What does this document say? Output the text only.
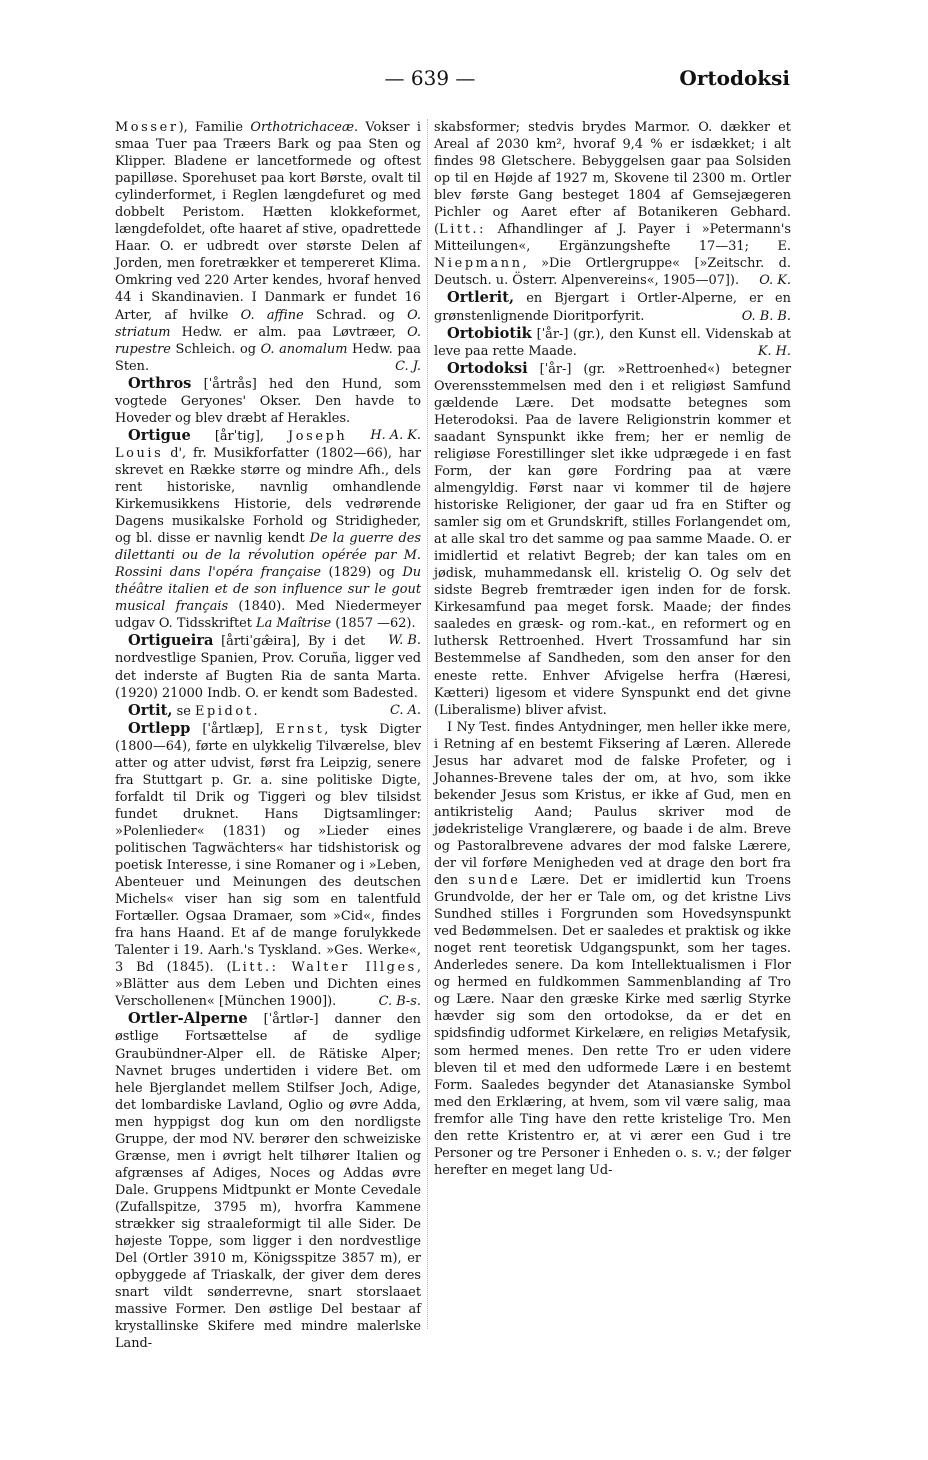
— 639 —	Ortodoksi

Mosser), Familie Orthotrichaceæ. Vokser i smaa Tuer paa Træers Bark og paa Sten og Klipper. Bladene er lancetformede og oftest papilløse. Sporehuset paa kort Børste, ovalt til cylinderformet, i Reglen længdefuret og med dobbelt Peristom. Hætten klokkeformet, længdefoldet, ofte haaret af stive, opadrettede Haar. O. er udbredt over største Delen af Jorden, men foretrækker et tempereret Klima. Omkring ved 220 Arter kendes, hvoraf henved 44 i Skandinavien. I Danmark er fundet 16 Arter, af hvilke O. affine Schrad. og O. striatum Hedw. er alm. paa Løvtræer, O. rupestre Schleich. og O. anomalum Hedw. paa Sten.	C. J.

Orthros [ˈårtrås] hed den Hund, som vogtede Geryones' Okser. Den havde to Hoveder og blev dræbt af Herakles.
H. A. K.

Ortigue [årˈtig], Joseph Louis d', fr. Musikforfatter (1802—66), har skrevet en Række større og mindre Afh., dels rent historiske, navnlig omhandlende Kirkemusikkens Historie, dels vedrørende Dagens musikalske Forhold og Stridigheder, og bl. disse er navnlig kendt De la guerre des dilettanti ou de la révolution opérée par M. Rossini dans l'opéra française (1829) og Du théâtre italien et de son influence sur le gout musical français (1840). Med Niedermeyer udgav O. Tidsskriftet La Maîtrise (1857 —62).
W. B.

Ortigueira [årtiˈgæ̂ira], By i det nordvestlige Spanien, Prov. Coruña, ligger ved det inderste af Bugten Ria de santa Marta. (1920) 21000 Indb. O. er kendt som Badested.
C. A.

Ortit, se Epidot.

Ortlepp [ˈårtlæp], Ernst, tysk Digter (1800—64), førte en ulykkelig Tilværelse, blev atter og atter udvist, først fra Leipzig, senere fra Stuttgart p. Gr. a. sine politiske Digte, forfaldt til Drik og Tiggeri og blev tilsidst fundet druknet. Hans Digtsamlinger: »Polenlieder« (1831) og »Lieder eines politischen Tagwächters« har tidshistorisk og poetisk Interesse, i sine Romaner og i »Leben, Abenteuer und Meinungen des deutschen Michels« viser han sig som en talentfuld Fortæller. Ogsaa Dramaer, som »Cid«, findes fra hans Haand. Et af de mange forulykkede Talenter i 19. Aarh.'s Tyskland. »Ges. Werke«, 3 Bd (1845). (Litt.: Walter Illges, »Blätter aus dem Leben und Dichten eines Verschollenen« [München 1900]).	C. B-s.

Ortler-Alperne [ˈårtlər-] danner den østlige Fortsættelse af de sydlige Graubündner-Alper ell. de Rätiske Alper; Navnet bruges undertiden i videre Bet. om hele Bjerglandet mellem Stilfser Joch, Adige, det lombardiske Lavland, Oglio og øvre Adda, men hyppigst dog kun om den nordligste Gruppe, der mod NV. berører den schweiziske Grænse, men i øvrigt helt tilhører Italien og afgrænses af Adiges, Noces og Addas øvre Dale. Gruppens Midtpunkt er Monte Cevedale (Zufallspitze, 3795 m), hvorfra Kammene strækker sig straaleformigt til alle Sider. De højeste Toppe, som ligger i den nordvestlige Del (Ortler 3910 m, Königsspitze 3857 m), er opbyggede af Triaskalk, der giver dem deres snart vildt sønderrevne, snart storslaaet massive Former. Den østlige Del bestaar af krystallinske Skifere med mindre malerlske Land-

skabsformer; stedvis brydes Marmor. O. dækker et Areal af 2030 km², hvoraf 9,4 % er isdækket; i alt findes 98 Gletschere. Bebyggelsen gaar paa Solsiden op til en Højde af 1927 m, Skovene til 2300 m. Ortler blev første Gang besteget 1804 af Gemsejægeren Pichler og Aaret efter af Botanikeren Gebhard. (Litt.: Afhandlinger af J. Payer i »Petermann's Mitteilungen«, Ergänzungshefte 17—31; E. Niepmann, »Die Ortlergruppe« [»Zeitschr. d. Deutsch. u. Österr. Alpenvereins«, 1905—07]).	O. K.

Ortlerit, en Bjergart i Ortler-Alperne, er en grønstenlignende Dioritporfyrit.	O. B. B.

Ortobiotik [ˈår-] (gr.), den Kunst ell. Videnskab at leve paa rette Maade.	K. H.

Ortodoksi [ˈår-] (gr. »Rettroenhed«) betegner Overensstemmelsen med den i et religiøst Samfund gældende Lære. Det modsatte betegnes som Heterodoksi. Paa de lavere Religionstrin kommer et saadant Synspunkt ikke frem; her er nemlig de religiøse Forestillinger slet ikke udprægede i en fast Form, der kan gøre Fordring paa at være almengyldig. Først naar vi kommer til de højere historiske Religioner, der gaar ud fra en Stifter og samler sig om et Grundskrift, stilles Forlangendet om, at alle skal tro det samme og paa samme Maade. O. er imidlertid et relativt Begreb; der kan tales om en jødisk, muhammedansk ell. kristelig O. Og selv det sidste Begreb fremtræder igen inden for de forsk. Kirkesamfund paa meget forsk. Maade; der findes saaledes en græsk- og rom.-kat., en reformert og en luthersk Rettroenhed. Hvert Trossamfund har sin Bestemmelse af Sandheden, som den anser for den eneste rette. Enhver Afvigelse herfra (Hæresi, Kætteri) ligesom et videre Synspunkt end det givne (Liberalisme) bliver afvist.

I Ny Test. findes Antydninger, men heller ikke mere, i Retning af en bestemt Fiksering af Læren. Allerede Jesus har advaret mod de falske Profeter, og i Johannes-Brevene tales der om, at hvo, som ikke bekender Jesus som Kristus, er ikke af Gud, men en antikristelig Aand; Paulus skriver mod de jødekristelige Vranglærere, og baade i de alm. Breve og Pastoralbrevene advares der mod falske Lærere, der vil forføre Menigheden ved at drage den bort fra den sunde Lære. Det er imidlertid kun Troens Grundvolde, der her er Tale om, og det kristne Livs Sundhed stilles i Forgrunden som Hovedsynspunkt ved Bedømmelsen. Det er saaledes et praktisk og ikke noget rent teoretisk Udgangspunkt, som her tages. Anderledes senere. Da kom Intellektualismen i Flor og hermed en fuldkommen Sammenblanding af Tro og Lære. Naar den græske Kirke med særlig Styrke hævder sig som den ortodokse, da er det en spidsfindig udformet Kirkelære, en religiøs Metafysik, som hermed menes. Den rette Tro er uden videre bleven til et med den udformede Lære i en bestemt Form. Saaledes begynder det Atanasianske Symbol med den Erklæring, at hvem, som vil være salig, maa fremfor alle Ting have den rette kristelige Tro. Men den rette Kristentro er, at vi ærer een Gud i tre Personer og tre Personer i Enheden o. s. v.; der følger herefter en meget lang Ud-
